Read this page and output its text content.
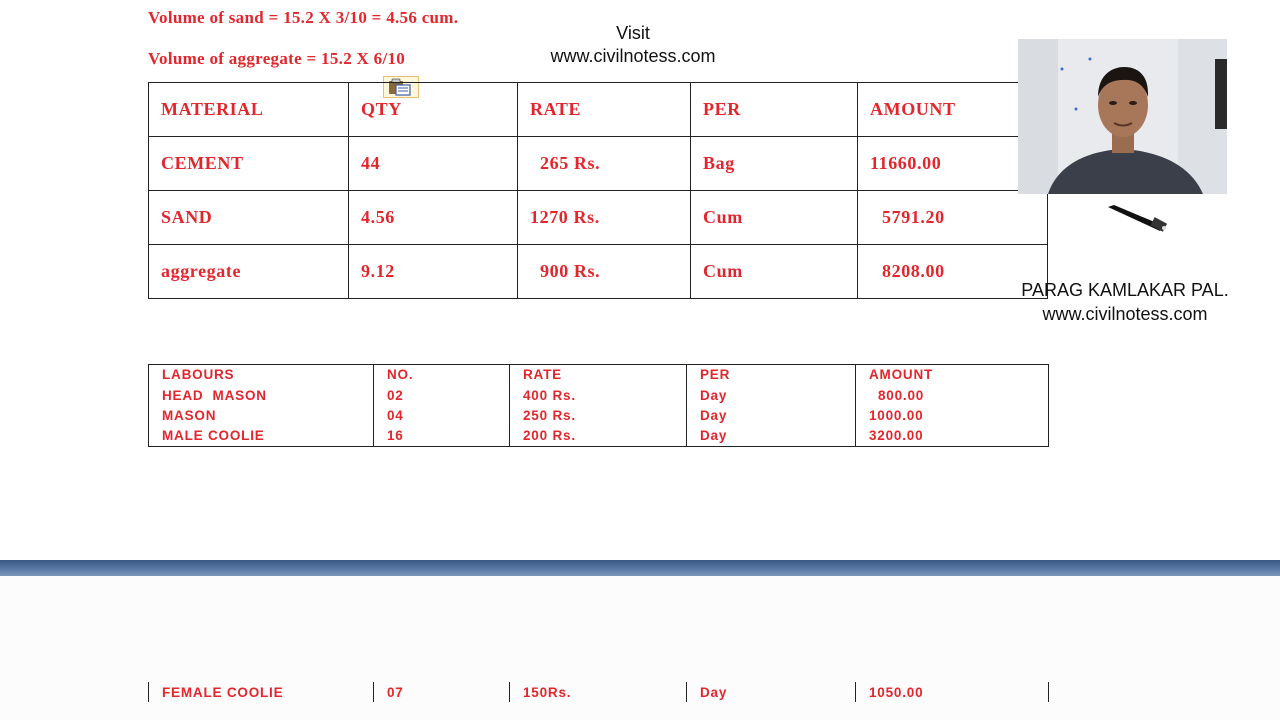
Volume of sand = 15.2 X 3/10 = 4.56 cum.
Volume of aggregate = 15.2 X 6/10
Visit
www.civilnotess.com
MATERIAL	QTY	RATE	PER	AMOUNT
CEMENT	44	265 Rs.	Bag	11660.00
SAND	4.56	1270 Rs.	Cum	5791.20
aggregate	9.12	900 Rs.	Cum	8208.00
PARAG KAMLAKAR PAL.
www.civilnotess.com
LABOURS	NO.	RATE	PER	AMOUNT
HEAD  MASON	02	400 Rs.	Day	800.00
MASON	04	250 Rs.	Day	1000.00
MALE COOLIE	16	200 Rs.	Day	3200.00
FEMALE COOLIE	07	150Rs.	Day	1050.00
